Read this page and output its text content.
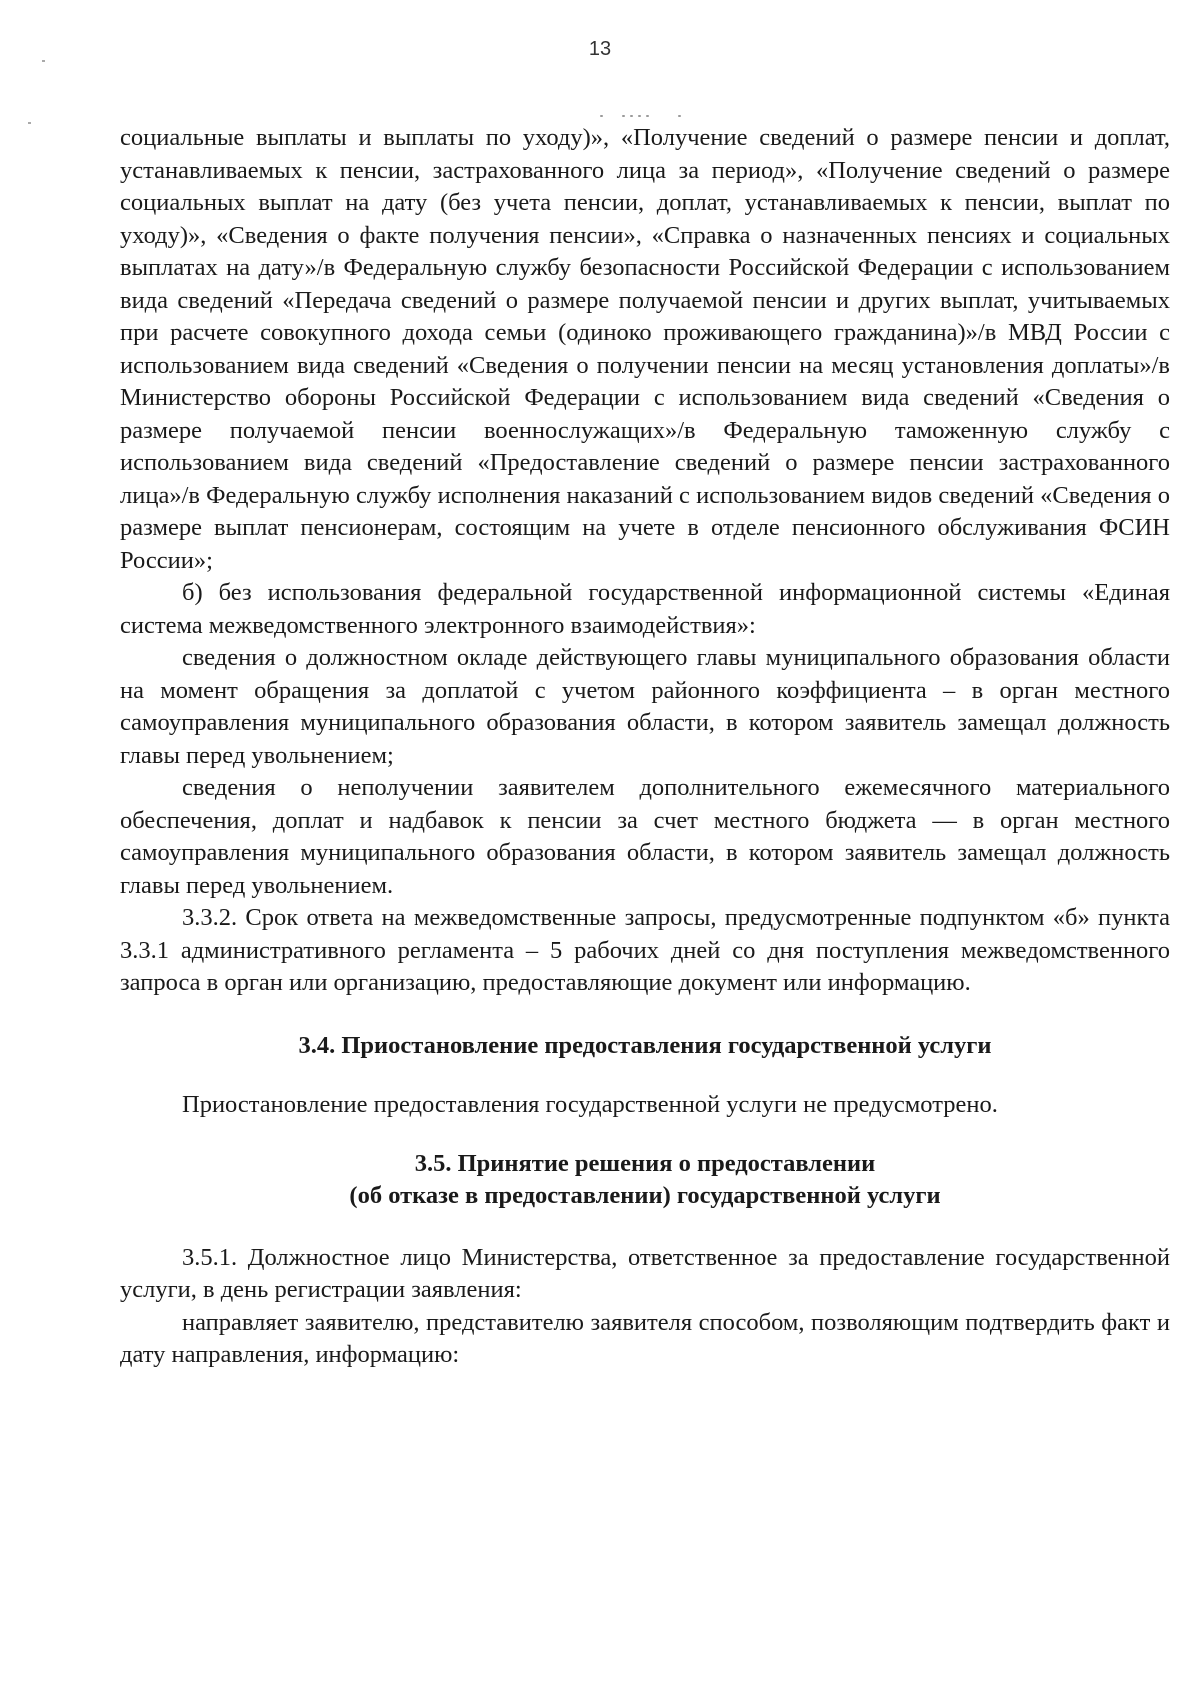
13

социальные выплаты и выплаты по уходу)», «Получение сведений о размере пенсии и доплат, устанавливаемых к пенсии, застрахованного лица за период», «Получение сведений о размере социальных выплат на дату (без учета пенсии, доплат, устанавливаемых к пенсии, выплат по уходу)», «Сведения о факте получения пенсии», «Справка о назначенных пенсиях и социальных выплатах на дату»/в Федеральную службу безопасности Российской Федерации с использованием вида сведений «Передача сведений о размере получаемой пенсии и других выплат, учитываемых при расчете совокупного дохода семьи (одиноко проживающего гражданина)»/в МВД России с использованием вида сведений «Сведения о получении пенсии на месяц установления доплаты»/в Министерство обороны Российской Федерации с использованием вида сведений «Сведения о размере получаемой пенсии военнослужащих»/в Федеральную таможенную службу с использованием вида сведений «Предоставление сведений о размере пенсии застрахованного лица»/в Федеральную службу исполнения наказаний с использованием видов сведений «Сведения о размере выплат пенсионерам, состоящим на учете в отделе пенсионного обслуживания ФСИН России»;

б) без использования федеральной государственной информационной системы «Единая система межведомственного электронного взаимодействия»:

сведения о должностном окладе действующего главы муниципального образования области на момент обращения за доплатой с учетом районного коэффициента – в орган местного самоуправления муниципального образования области, в котором заявитель замещал должность главы перед увольнением;

сведения о неполучении заявителем дополнительного ежемесячного материального обеспечения, доплат и надбавок к пенсии за счет местного бюджета — в орган местного самоуправления муниципального образования области, в котором заявитель замещал должность главы перед увольнением.

3.3.2. Срок ответа на межведомственные запросы, предусмотренные подпунктом «б» пункта 3.3.1 административного регламента – 5 рабочих дней со дня поступления межведомственного запроса в орган или организацию, предоставляющие документ или информацию.

3.4. Приостановление предоставления государственной услуги

Приостановление предоставления государственной услуги не предусмотрено.

3.5. Принятие решения о предоставлении

(об отказе в предоставлении) государственной услуги

3.5.1. Должностное лицо Министерства, ответственное за предоставление государственной услуги, в день регистрации заявления:

направляет заявителю, представителю заявителя способом, позволяющим подтвердить факт и дату направления, информацию:
